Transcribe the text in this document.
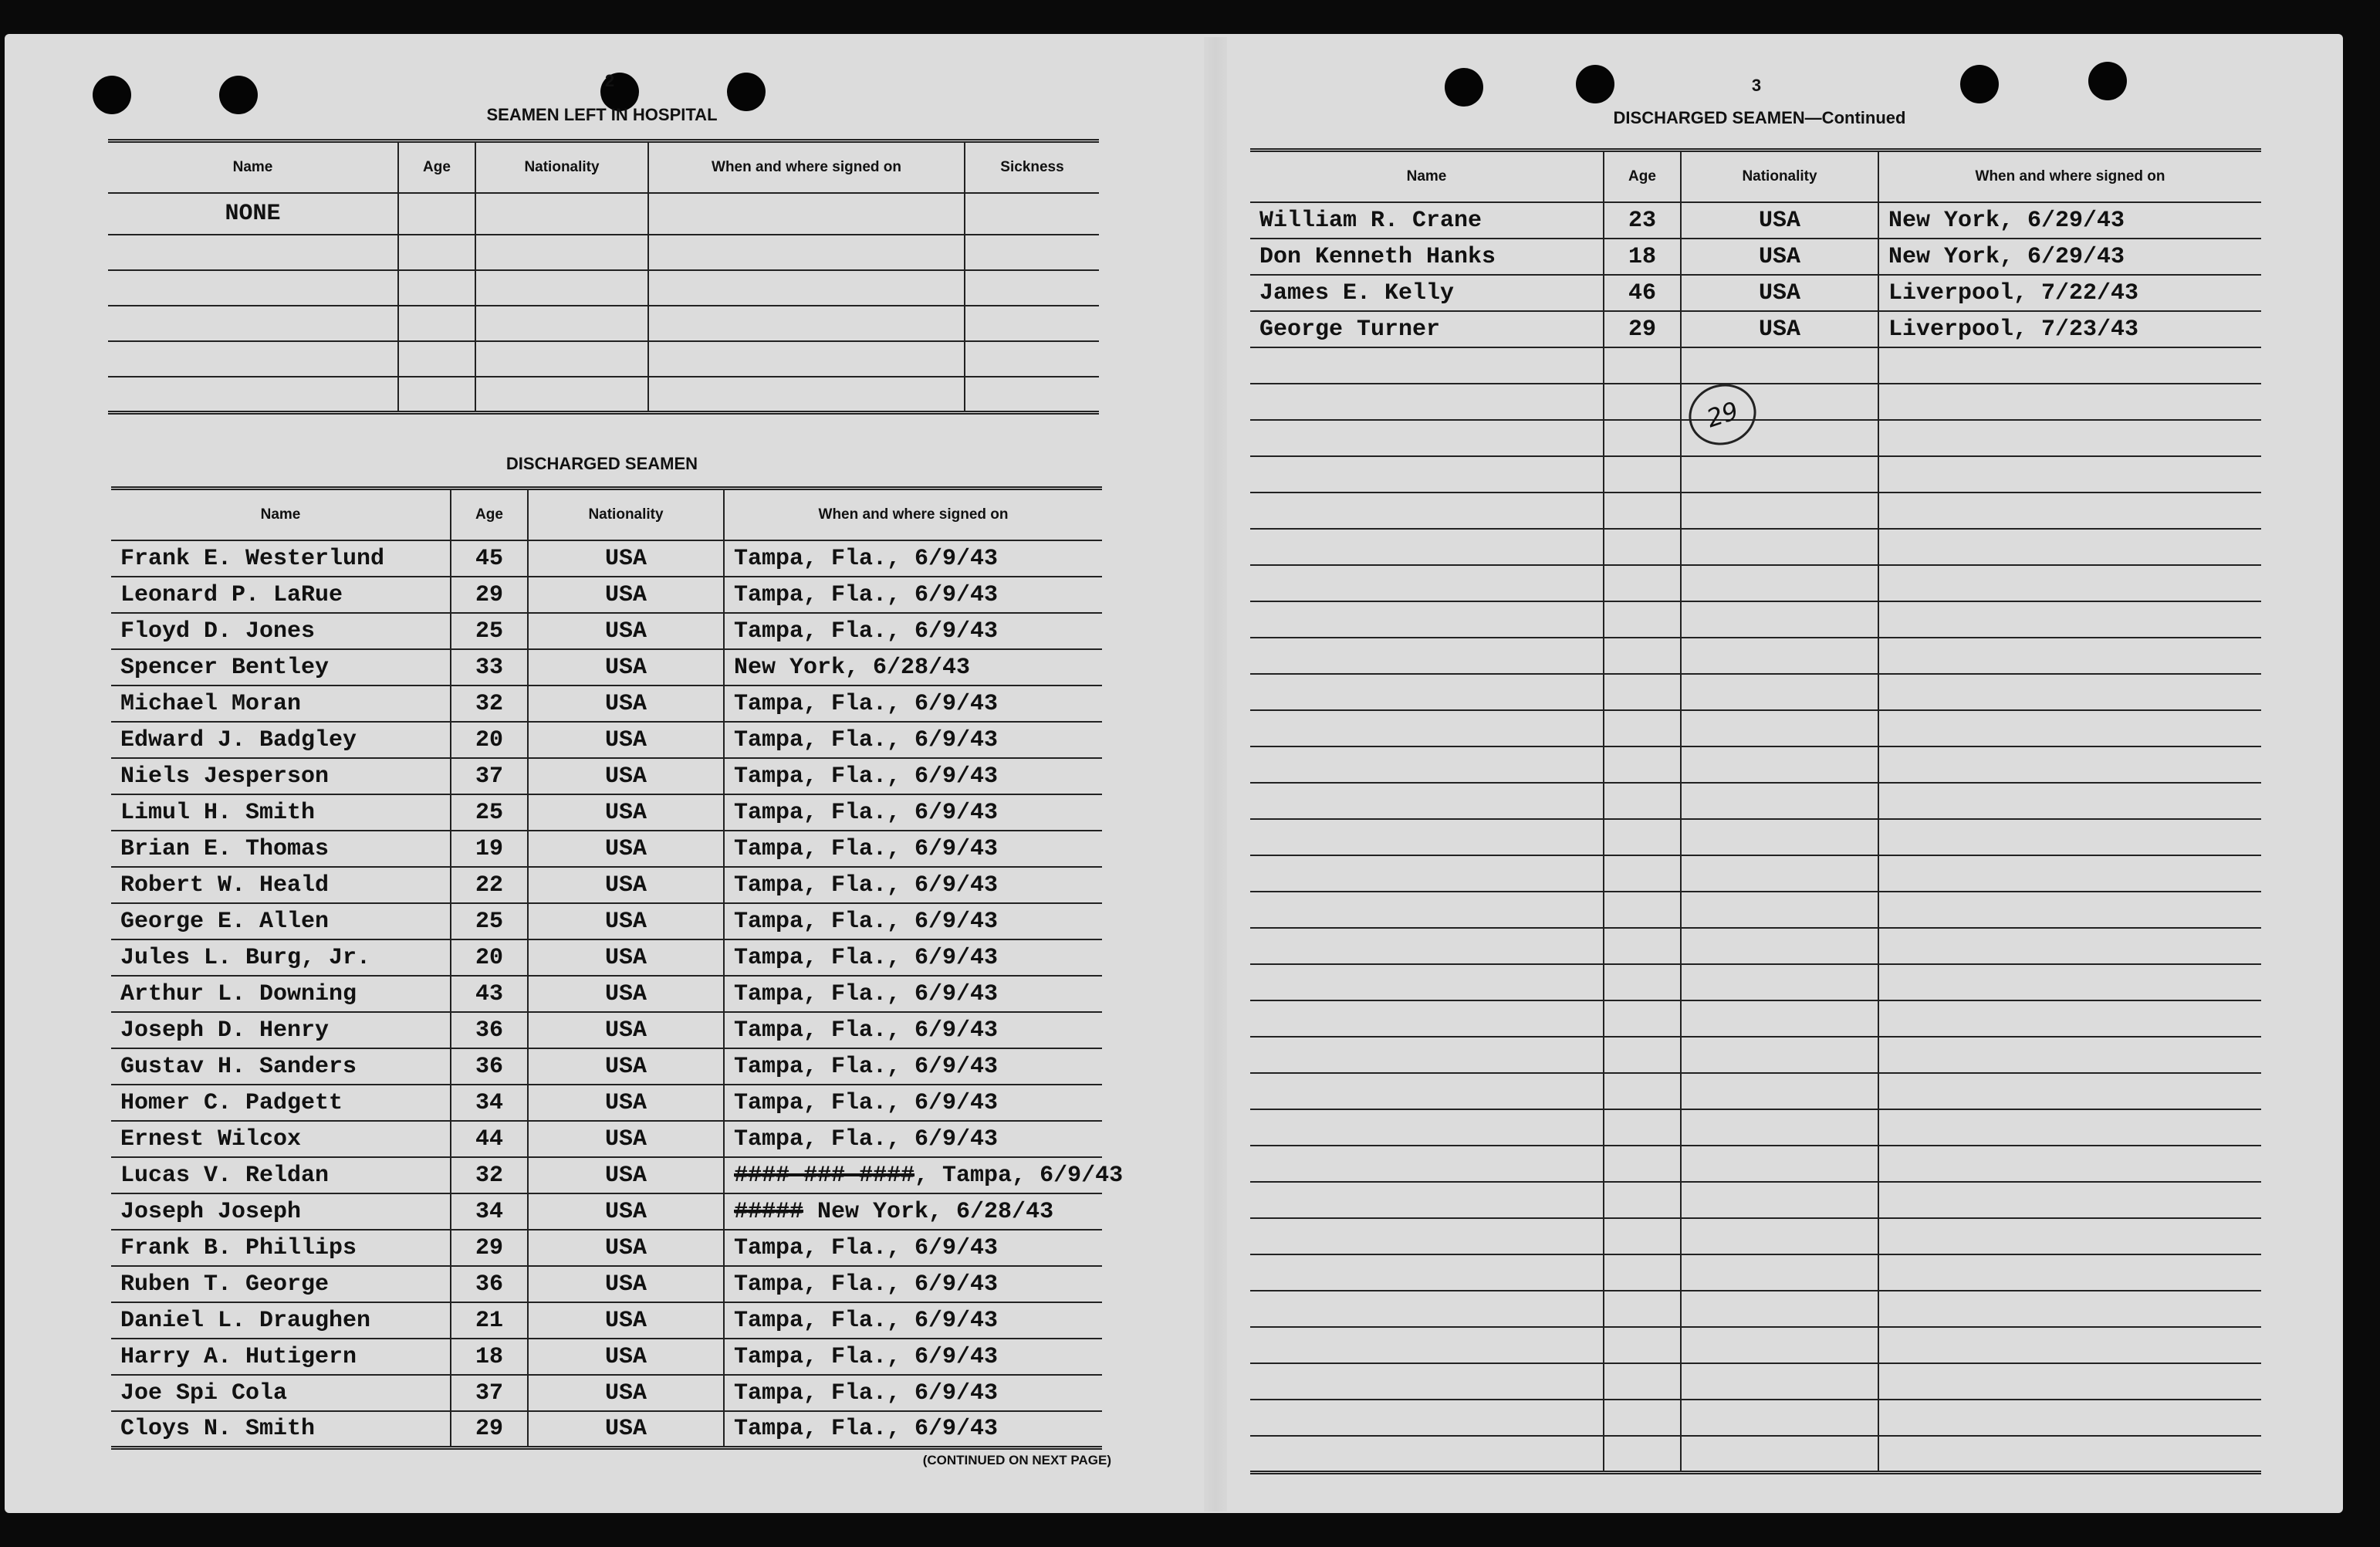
2
SEAMEN LEFT IN HOSPITAL
Name	Age	Nationality	When and where signed on	Sickness
NONE				

DISCHARGED SEAMEN
Name	Age	Nationality	When and where signed on
Frank E. Westerlund	45	USA	Tampa, Fla., 6/9/43
Leonard P. LaRue	29	USA	Tampa, Fla., 6/9/43
Floyd D. Jones	25	USA	Tampa, Fla., 6/9/43
Spencer Bentley	33	USA	New York, 6/28/43
Michael Moran	32	USA	Tampa, Fla., 6/9/43
Edward J. Badgley	20	USA	Tampa, Fla., 6/9/43
Niels Jesperson	37	USA	Tampa, Fla., 6/9/43
Limul H. Smith	25	USA	Tampa, Fla., 6/9/43
Brian E. Thomas	19	USA	Tampa, Fla., 6/9/43
Robert W. Heald	22	USA	Tampa, Fla., 6/9/43
George E. Allen	25	USA	Tampa, Fla., 6/9/43
Jules L. Burg, Jr.	20	USA	Tampa, Fla., 6/9/43
Arthur L. Downing	43	USA	Tampa, Fla., 6/9/43
Joseph D. Henry	36	USA	Tampa, Fla., 6/9/43
Gustav H. Sanders	36	USA	Tampa, Fla., 6/9/43
Homer C. Padgett	34	USA	Tampa, Fla., 6/9/43
Ernest Wilcox	44	USA	Tampa, Fla., 6/9/43
Lucas V. Reldan	32	USA	#### ### ####, Tampa, 6/9/43
Joseph Joseph	34	USA	##### New York, 6/28/43
Frank B. Phillips	29	USA	Tampa, Fla., 6/9/43
Ruben T. George	36	USA	Tampa, Fla., 6/9/43
Daniel L. Draughen	21	USA	Tampa, Fla., 6/9/43
Harry A. Hutigern	18	USA	Tampa, Fla., 6/9/43
Joe Spi Cola	37	USA	Tampa, Fla., 6/9/43
Cloys N. Smith	29	USA	Tampa, Fla., 6/9/43
(CONTINUED ON NEXT PAGE)
3
DISCHARGED SEAMEN—Continued
Name	Age	Nationality	When and where signed on
William R. Crane	23	USA	New York, 6/29/43
Don Kenneth Hanks	18	USA	New York, 6/29/43
James E. Kelly	46	USA	Liverpool, 7/22/43
George Turner	29	USA	Liverpool, 7/23/43

29
